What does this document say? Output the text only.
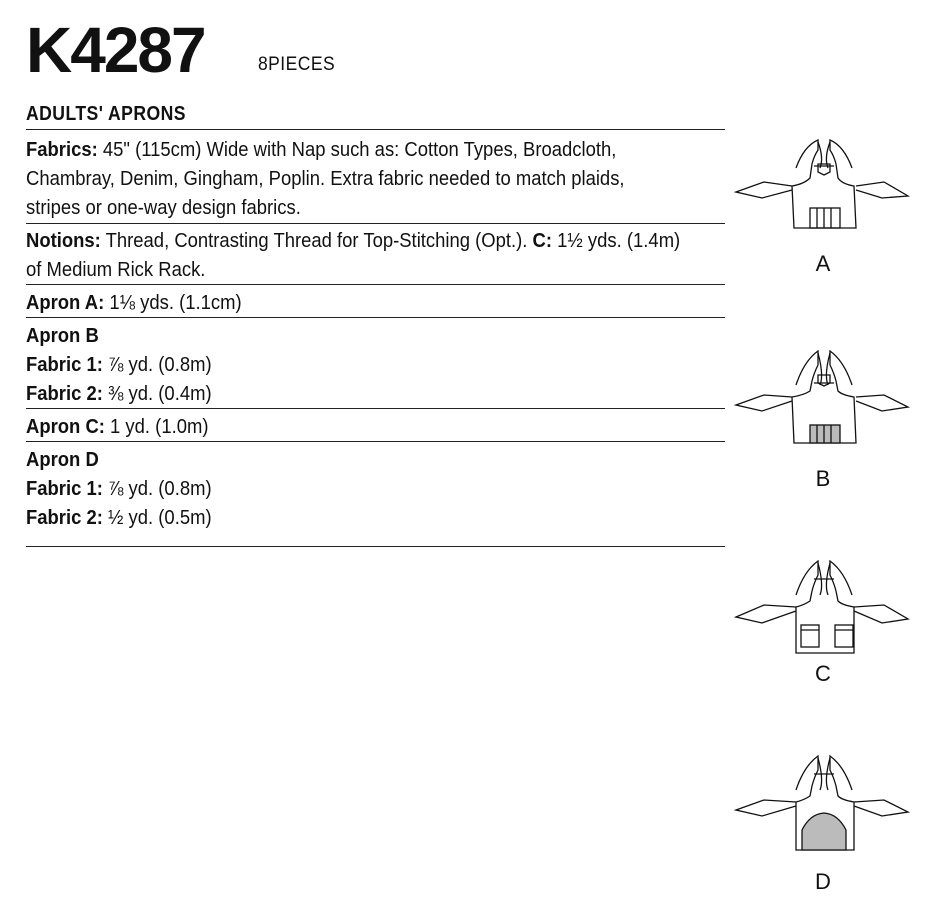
K4287	8PIECES
ADULTS' APRONS
Fabrics: 45" (115cm) Wide with Nap such as: Cotton Types, Broadcloth,
Chambray, Denim, Gingham, Poplin. Extra fabric needed to match plaids,
stripes or one-way design fabrics.
Notions: Thread, Contrasting Thread for Top-Stitching (Opt.). C: 1½ yds. (1.4m)
of Medium Rick Rack.
Apron A: 1⅛ yds. (1.1cm)
Apron B
Fabric 1: ⅞ yd. (0.8m)
Fabric 2: ⅜ yd. (0.4m)
Apron C: 1 yd. (1.0m)
Apron D
Fabric 1: ⅞ yd. (0.8m)
Fabric 2: ½ yd. (0.5m)
A
B
C
D
